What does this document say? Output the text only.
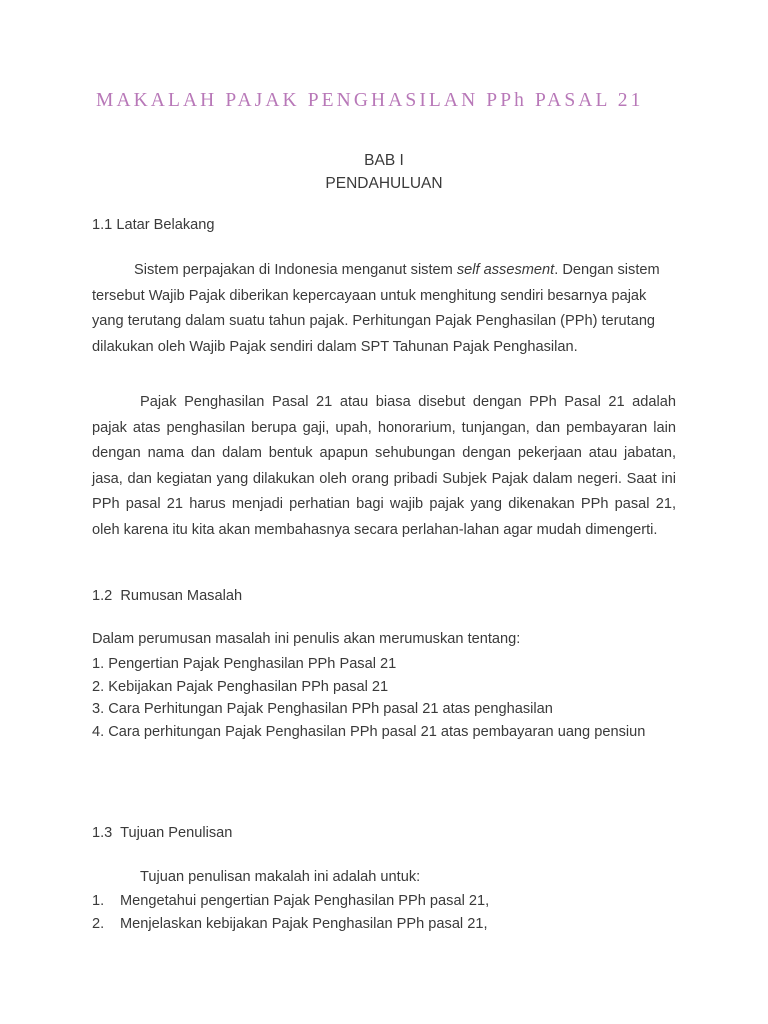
MAKALAH PAJAK PENGHASILAN PPh PASAL 21
BAB I
PENDAHULUAN
1.1 Latar Belakang

Sistem perpajakan di Indonesia menganut sistem self assesment. Dengan sistem tersebut Wajib Pajak diberikan kepercayaan untuk menghitung sendiri besarnya pajak yang terutang dalam suatu tahun pajak. Perhitungan Pajak Penghasilan (PPh) terutang dilakukan oleh Wajib Pajak sendiri dalam SPT Tahunan Pajak Penghasilan.

Pajak Penghasilan Pasal 21 atau biasa disebut dengan PPh Pasal 21 adalah pajak atas penghasilan berupa gaji, upah, honorarium, tunjangan, dan pembayaran lain dengan nama dan dalam bentuk apapun sehubungan dengan pekerjaan atau jabatan, jasa, dan kegiatan yang dilakukan oleh orang pribadi Subjek Pajak dalam negeri. Saat ini PPh pasal 21 harus menjadi perhatian bagi wajib pajak yang dikenakan PPh pasal 21, oleh karena itu kita akan membahasnya secara perlahan-lahan agar mudah dimengerti.

1.2  Rumusan Masalah

Dalam perumusan masalah ini penulis akan merumuskan tentang:

1. Pengertian Pajak Penghasilan PPh Pasal 21
2. Kebijakan Pajak Penghasilan PPh pasal 21
3. Cara Perhitungan Pajak Penghasilan PPh pasal 21 atas penghasilan
4. Cara perhitungan Pajak Penghasilan PPh pasal 21 atas pembayaran uang pensiun
1.3  Tujuan Penulisan

Tujuan penulisan makalah ini adalah untuk:

1.	Mengetahui pengertian Pajak Penghasilan PPh pasal 21,
2.	Menjelaskan kebijakan Pajak Penghasilan PPh pasal 21,
